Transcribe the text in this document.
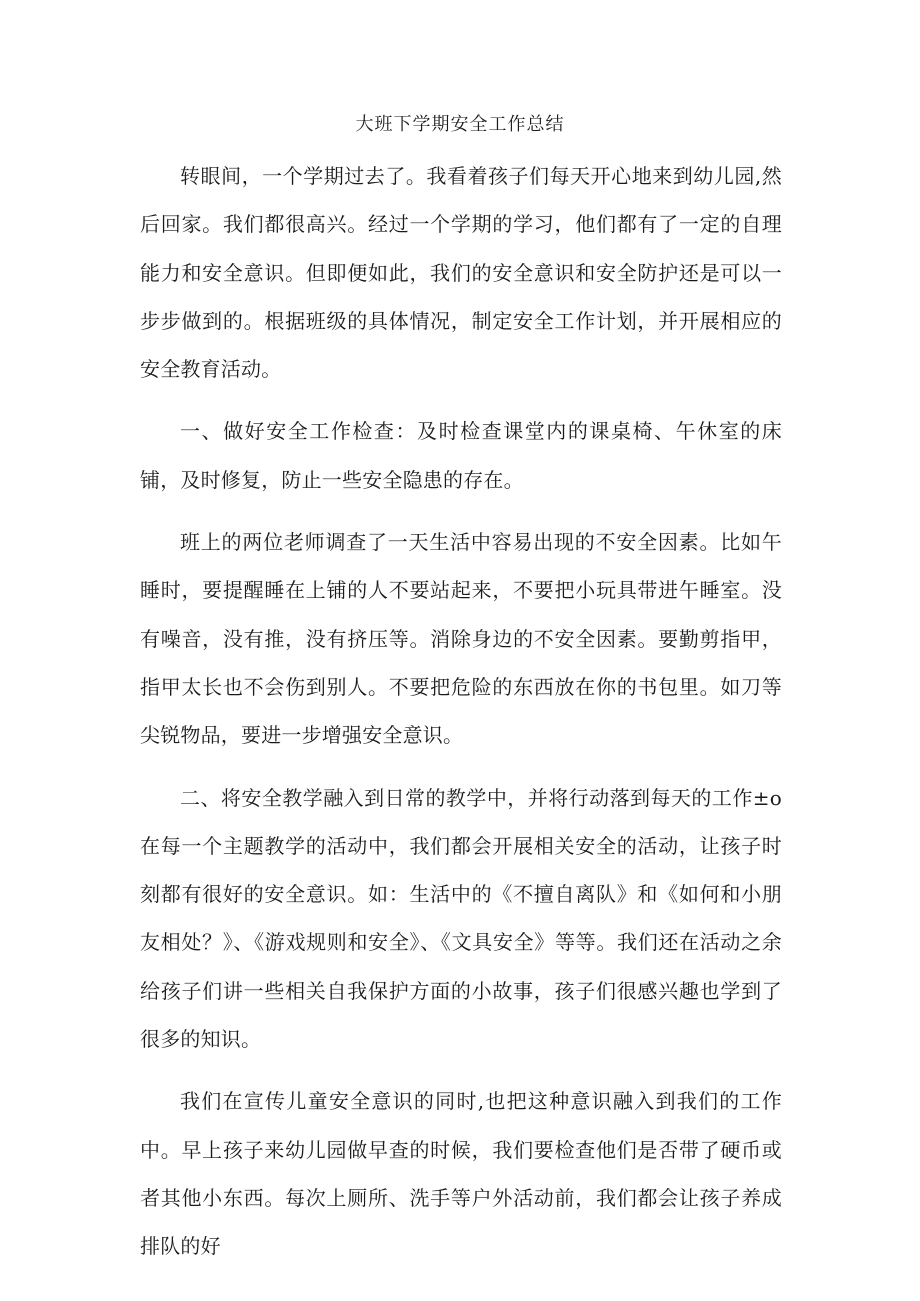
大班下学期安全工作总结

转眼间，一个学期过去了。我看着孩子们每天开心地来到幼儿园,然后回家。我们都很高兴。经过一个学期的学习，他们都有了一定的自理能力和安全意识。但即便如此，我们的安全意识和安全防护还是可以一步步做到的。根据班级的具体情况，制定安全工作计划，并开展相应的安全教育活动。

一、做好安全工作检查：及时检查课堂内的课桌椅、午休室的床铺，及时修复，防止一些安全隐患的存在。

班上的两位老师调查了一天生活中容易出现的不安全因素。比如午睡时，要提醒睡在上铺的人不要站起来，不要把小玩具带进午睡室。没有噪音，没有推，没有挤压等。消除身边的不安全因素。要勤剪指甲，指甲太长也不会伤到别人。不要把危险的东西放在你的书包里。如刀等尖锐物品，要进一步增强安全意识。

二、将安全教学融入到日常的教学中，并将行动落到每天的工作±o在每一个主题教学的活动中，我们都会开展相关安全的活动，让孩子时刻都有很好的安全意识。如：生活中的《不擅自离队》和《如何和小朋友相处？》、《游戏规则和安全》、《文具安全》等等。我们还在活动之余给孩子们讲一些相关自我保护方面的小故事，孩子们很感兴趣也学到了很多的知识。

我们在宣传儿童安全意识的同时,也把这种意识融入到我们的工作中。早上孩子来幼儿园做早查的时候，我们要检查他们是否带了硬币或者其他小东西。每次上厕所、洗手等户外活动前，我们都会让孩子养成排队的好
